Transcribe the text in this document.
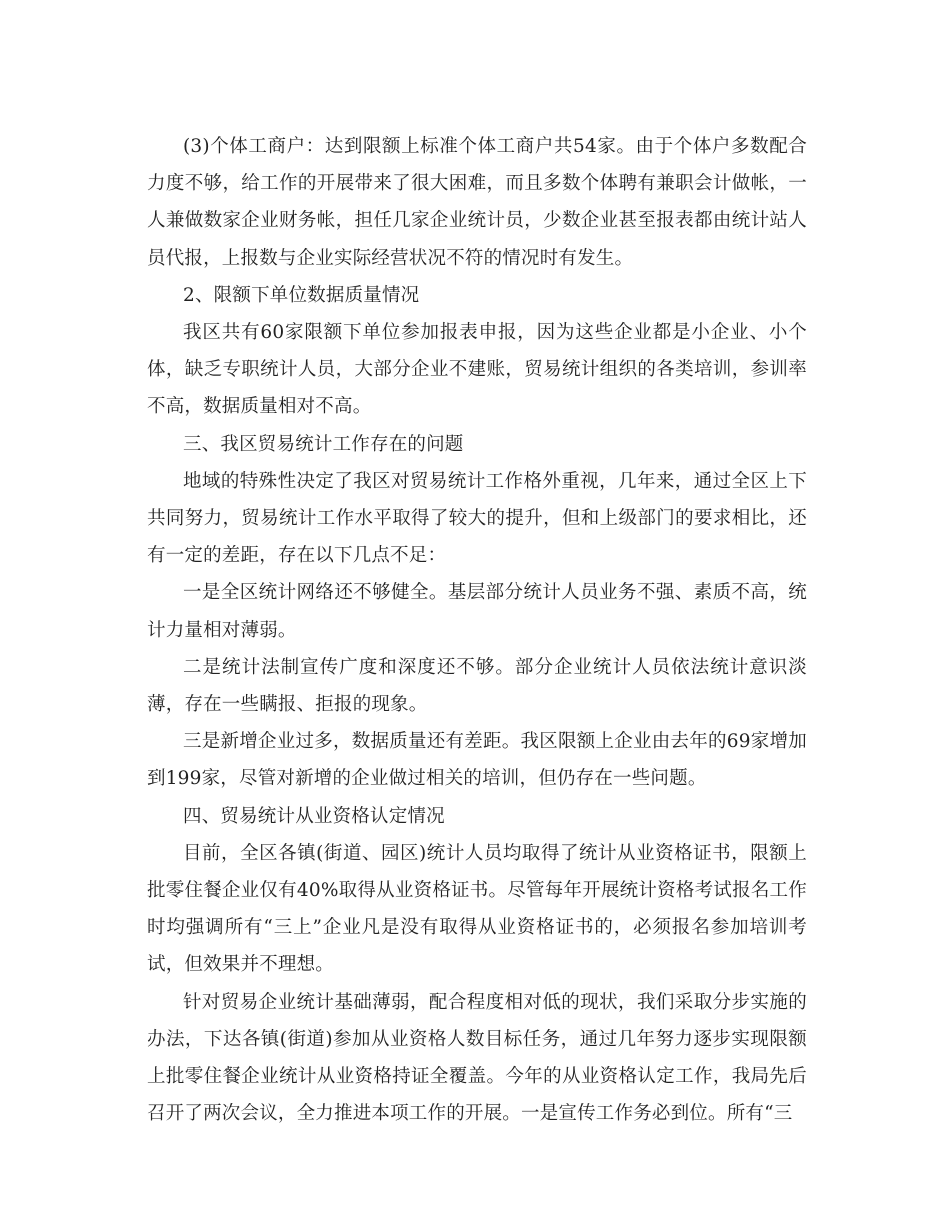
(3)个体工商户：达到限额上标准个体工商户共54家。由于个体户多数配合力度不够，给工作的开展带来了很大困难，而且多数个体聘有兼职会计做帐，一人兼做数家企业财务帐，担任几家企业统计员，少数企业甚至报表都由统计站人员代报，上报数与企业实际经营状况不符的情况时有发生。

2、限额下单位数据质量情况

我区共有60家限额下单位参加报表申报，因为这些企业都是小企业、小个体，缺乏专职统计人员，大部分企业不建账，贸易统计组织的各类培训，参训率不高，数据质量相对不高。

三、我区贸易统计工作存在的问题

地域的特殊性决定了我区对贸易统计工作格外重视，几年来，通过全区上下共同努力，贸易统计工作水平取得了较大的提升，但和上级部门的要求相比，还有一定的差距，存在以下几点不足：

一是全区统计网络还不够健全。基层部分统计人员业务不强、素质不高，统计力量相对薄弱。

二是统计法制宣传广度和深度还不够。部分企业统计人员依法统计意识淡薄，存在一些瞒报、拒报的现象。

三是新增企业过多，数据质量还有差距。我区限额上企业由去年的69家增加到199家，尽管对新增的企业做过相关的培训，但仍存在一些问题。

四、贸易统计从业资格认定情况

目前，全区各镇(街道、园区)统计人员均取得了统计从业资格证书，限额上批零住餐企业仅有40%取得从业资格证书。尽管每年开展统计资格考试报名工作时均强调所有“三上”企业凡是没有取得从业资格证书的，必须报名参加培训考试，但效果并不理想。

针对贸易企业统计基础薄弱，配合程度相对低的现状，我们采取分步实施的办法，下达各镇(街道)参加从业资格人数目标任务，通过几年努力逐步实现限额上批零住餐企业统计从业资格持证全覆盖。今年的从业资格认定工作，我局先后召开了两次会议，全力推进本项工作的开展。一是宣传工作务必到位。所有“三
